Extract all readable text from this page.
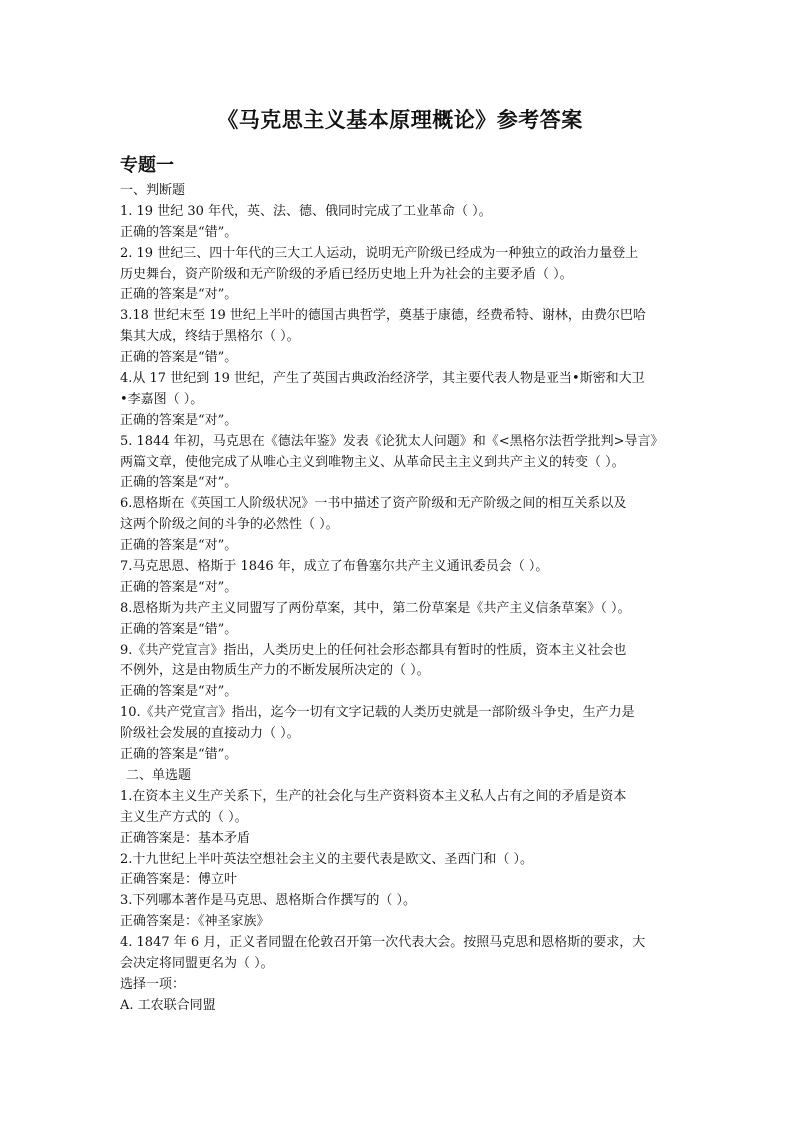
《马克思主义基本原理概论》参考答案
专题一
一、判断题
1. 19 世纪 30 年代，英、法、德、俄同时完成了工业革命（ ）。
正确的答案是“错”。
2. 19 世纪三、四十年代的三大工人运动，说明无产阶级已经成为一种独立的政治力量登上
历史舞台，资产阶级和无产阶级的矛盾已经历史地上升为社会的主要矛盾（ ）。
正确的答案是“对”。
3.18 世纪末至 19 世纪上半叶的德国古典哲学，奠基于康德，经费希特、谢林，由费尔巴哈
集其大成，终结于黑格尔（ ）。
正确的答案是“错”。
4.从 17 世纪到 19 世纪，产生了英国古典政治经济学，其主要代表人物是亚当•斯密和大卫
•李嘉图（ ）。
正确的答案是“对”。
5. 1844 年初，马克思在《德法年鉴》发表《论犹太人问题》和《<黑格尔法哲学批判>导言》
两篇文章，使他完成了从唯心主义到唯物主义、从革命民主主义到共产主义的转变（ ）。
正确的答案是“对”。
6.恩格斯在《英国工人阶级状况》一书中描述了资产阶级和无产阶级之间的相互关系以及
这两个阶级之间的斗争的必然性（ ）。
正确的答案是“对”。
7.马克思恩、格斯于 1846 年，成立了布鲁塞尔共产主义通讯委员会（ ）。
正确的答案是“对”。
8.恩格斯为共产主义同盟写了两份草案，其中，第二份草案是《共产主义信条草案》（ ）。
正确的答案是“错”。
9.《共产党宣言》指出，人类历史上的任何社会形态都具有暂时的性质，资本主义社会也
不例外，这是由物质生产力的不断发展所决定的（ ）。
正确的答案是“对”。
10.《共产党宣言》指出，迄今一切有文字记载的人类历史就是一部阶级斗争史，生产力是
阶级社会发展的直接动力（ ）。
正确的答案是“错”。
二、单选题
1.在资本主义生产关系下，生产的社会化与生产资料资本主义私人占有之间的矛盾是资本
主义生产方式的（ ）。
正确答案是：基本矛盾
2.十九世纪上半叶英法空想社会主义的主要代表是欧文、圣西门和（ ）。
正确答案是：傅立叶
3.下列哪本著作是马克思、恩格斯合作撰写的（ ）。
正确答案是：《神圣家族》
4. 1847 年 6 月，正义者同盟在伦敦召开第一次代表大会。按照马克思和恩格斯的要求，大
会决定将同盟更名为（ ）。
选择一项：
A. 工农联合同盟
